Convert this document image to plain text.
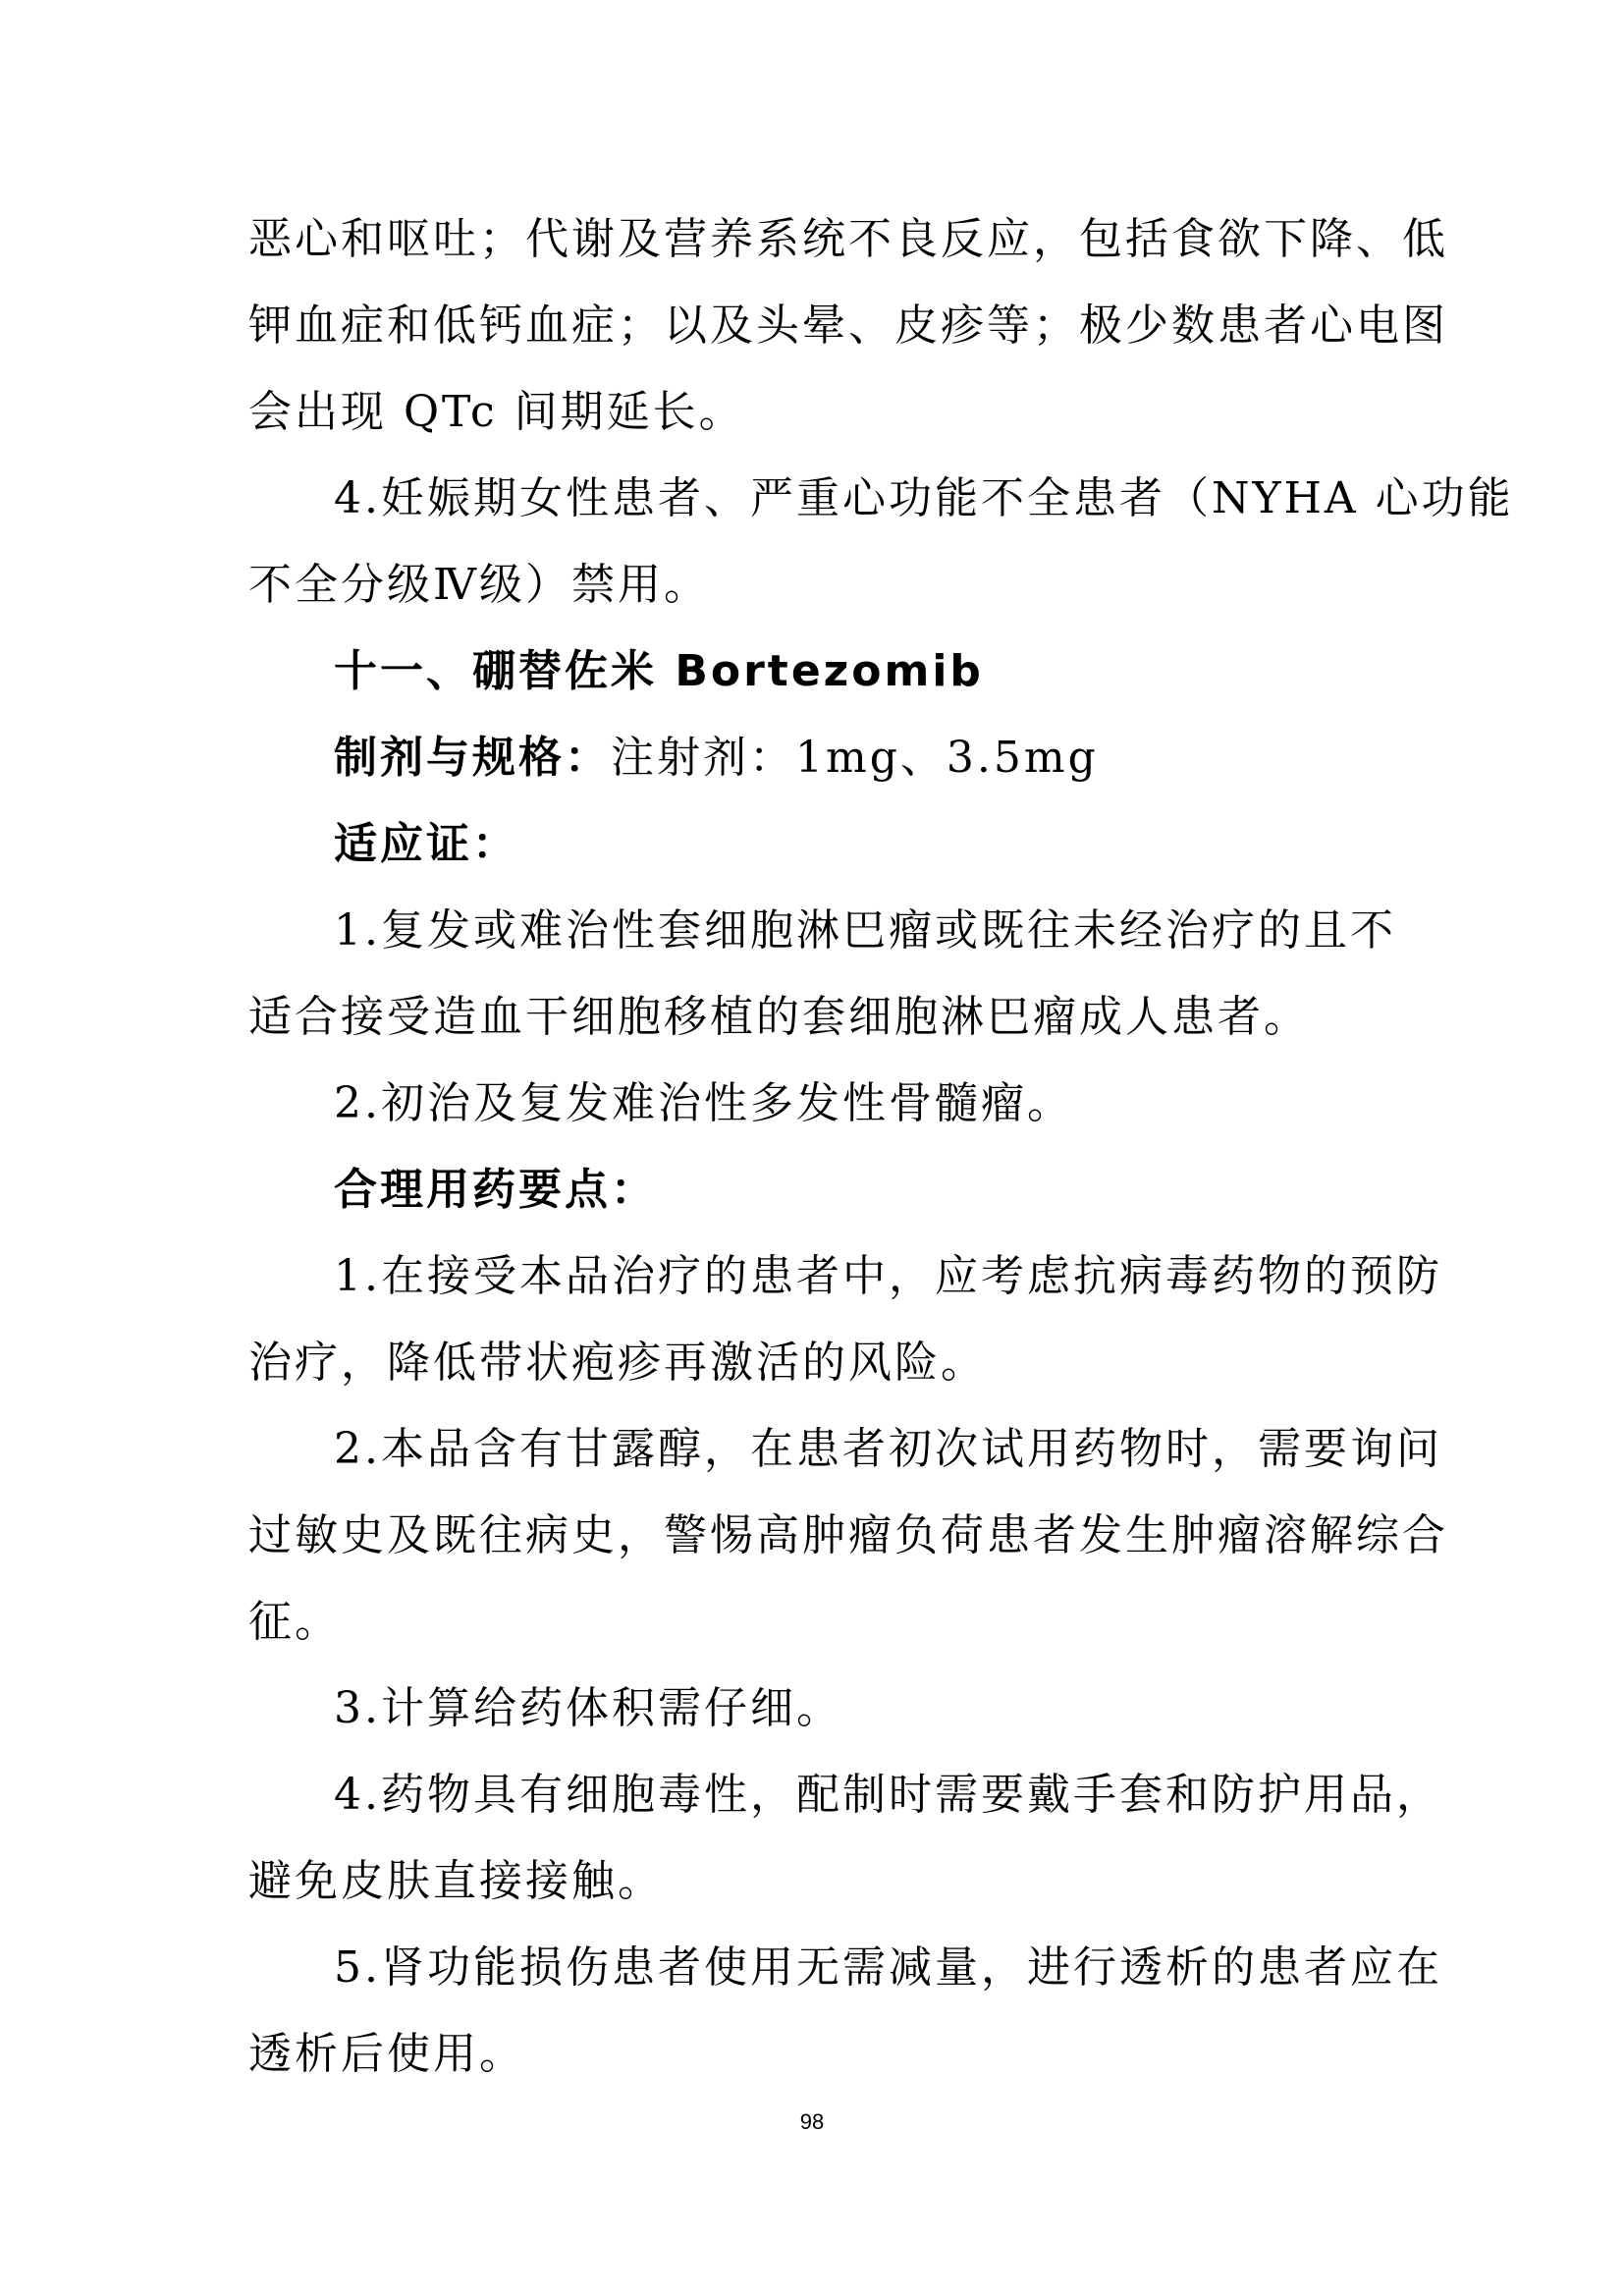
恶心和呕吐；代谢及营养系统不良反应，包括食欲下降、低
钾血症和低钙血症；以及头晕、皮疹等；极少数患者心电图
会出现 QTc 间期延长。
4.妊娠期女性患者、严重心功能不全患者（NYHA 心功能
不全分级Ⅳ级）禁用。
十一、硼替佐米 Bortezomib
制剂与规格：注射剂：1mg、3.5mg
适应证：
1.复发或难治性套细胞淋巴瘤或既往未经治疗的且不
适合接受造血干细胞移植的套细胞淋巴瘤成人患者。
2.初治及复发难治性多发性骨髓瘤。
合理用药要点：
1.在接受本品治疗的患者中，应考虑抗病毒药物的预防
治疗，降低带状疱疹再激活的风险。
2.本品含有甘露醇，在患者初次试用药物时，需要询问
过敏史及既往病史，警惕高肿瘤负荷患者发生肿瘤溶解综合
征。
3.计算给药体积需仔细。
4.药物具有细胞毒性，配制时需要戴手套和防护用品，
避免皮肤直接接触。
5.肾功能损伤患者使用无需减量，进行透析的患者应在
透析后使用。
98
